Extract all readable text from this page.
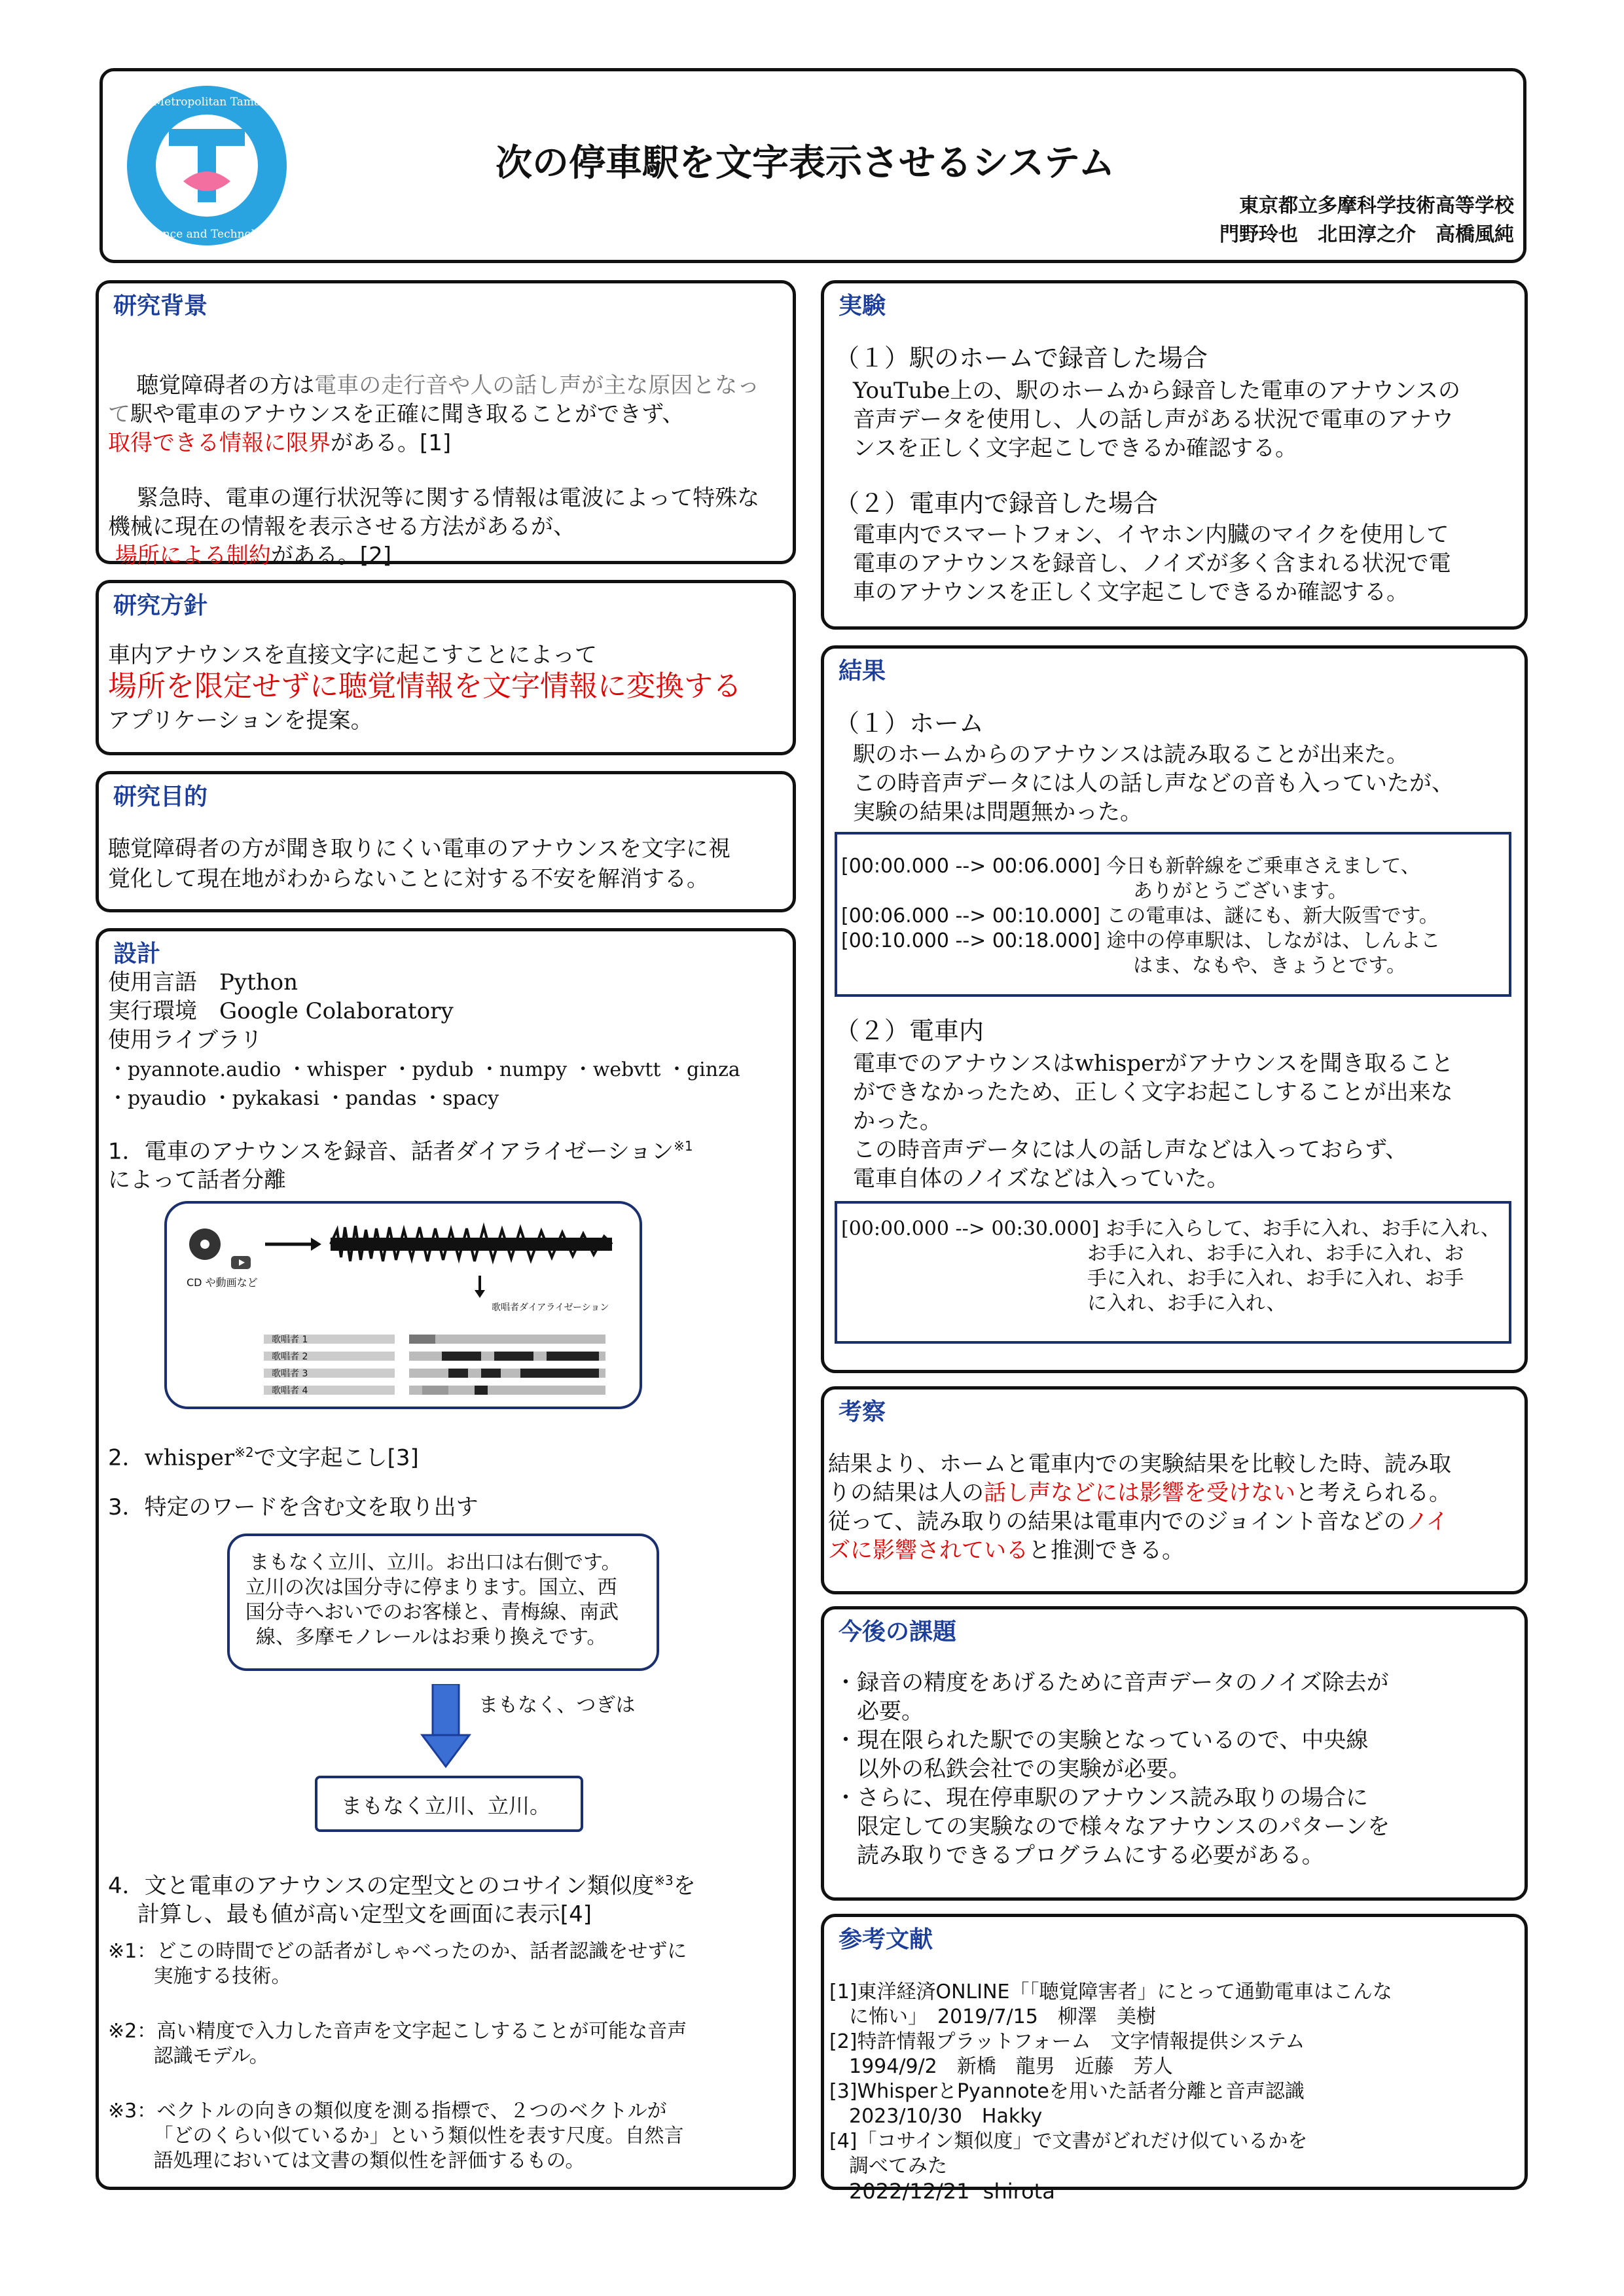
Metropolitan Tama
Science and Technology
次の停車駅を文字表示させるシステム
東京都立多摩科学技術高等学校
門野玲也　北田淳之介　高橋風純
研究背景

聴覚障碍者の方は電車の走行音や人の話し声が主な原因となっ
て駅や電車のアナウンスを正確に聞き取ることができず、
取得できる情報に限界がある。[1]

緊急時、電車の運行状況等に関する情報は電波によって特殊な
機械に現在の情報を表示させる方法があるが、
場所による制約がある。[2]

研究方針
車内アナウンスを直接文字に起こすことによって
場所を限定せずに聴覚情報を文字情報に変換する
アプリケーションを提案。
研究目的
聴覚障碍者の方が聞き取りにくい電車のアナウンスを文字に視
覚化して現在地がわからないことに対する不安を解消する。
設計
使用言語　 Python
実行環境　 Google Colaboratory
使用ライブラリ
・pyannote.audio ・whisper ・pydub ・numpy ・webvtt ・ginza
・pyaudio ・pykakasi ・pandas ・spacy
1．電車のアナウンスを録音、話者ダイアライゼーション$^{※1}$
によって話者分離
CD や動画など
歌唱者ダイアライゼーション
歌唱者 1
歌唱者 2
歌唱者 3
歌唱者 4
2．whisper$^{※2}$で文字起こし[3]
3．特定のワードを含む文を取り出す
まもなく立川、立川。お出口は右側です。
立川の次は国分寺に停まります。国立、西
国分寺へおいでのお客様と、青梅線、南武
線、多摩モノレールはお乗り換えです。
まもなく、つぎは
まもなく立川、立川。
4．文と電車のアナウンスの定型文とのコサイン類似度$^{※3}$を
　 計算し、最も値が高い定型文を画面に表示[4]
※1：どこの時間でどの話者がしゃべったのか、話者認識をせずに
　　 実施する技術。
※2：高い精度で入力した音声を文字起こしすることが可能な音声
　　 認識モデル。
※3：ベクトルの向きの類似度を測る指標で、２つのベクトルが
　　 「どのくらい似ているか」という類似性を表す尺度。自然言
　　 語処理においては文書の類似性を評価するもの。
実験
（１）駅のホームで録音した場合
YouTube上の、駅のホームから録音した電車のアナウンスの
音声データを使用し、人の話し声がある状況で電車のアナウ
ンスを正しく文字起こしできるか確認する。
（２）電車内で録音した場合
電車内でスマートフォン、イヤホン内臓のマイクを使用して
電車のアナウンスを録音し、ノイズが多く含まれる状況で電
車のアナウンスを正しく文字起こしできるか確認する。
結果
（１）ホーム
駅のホームからのアナウンスは読み取ることが出来た。
この時音声データには人の話し声などの音も入っていたが、
実験の結果は問題無かった。
[00:00.000 --> 00:06.000] 今日も新幹線をご乗車さえまして、
ありがとうございます。
[00:06.000 --> 00:10.000] この電車は、謎にも、新大阪雪です。
[00:10.000 --> 00:18.000] 途中の停車駅は、しながは、しんよこ
はま、なもや、きょうとです。
（２）電車内
電車でのアナウンスはwhisperがアナウンスを聞き取ること
ができなかったため、正しく文字お起こしすることが出来な
かった。
この時音声データには人の話し声などは入っておらず、
電車自体のノイズなどは入っていた。
[00:00.000 --> 00:30.000] お手に入らして、お手に入れ、お手に入れ、
お手に入れ、お手に入れ、お手に入れ、お
手に入れ、お手に入れ、お手に入れ、お手
に入れ、お手に入れ、
考察
結果より、ホームと電車内での実験結果を比較した時、読み取
りの結果は人の話し声などには影響を受けないと考えられる。
従って、読み取りの結果は電車内でのジョイント音などのノイ
ズに影響されていると推測できる。
今後の課題
・録音の精度をあげるために音声データのノイズ除去が
　必要。
・現在限られた駅での実験となっているので、中央線
　以外の私鉄会社での実験が必要。
・さらに、現在停車駅のアナウンス読み取りの場合に
　限定しての実験なので様々なアナウンスのパターンを
　読み取りできるプログラムにする必要がある。
参考文献
[1]東洋経済ONLINE「「聴覚障害者」にとって通勤電車はこんな
　に怖い」　2019/7/15　柳澤　美樹
[2]特許情報プラットフォーム　文字情報提供システム
　1994/9/2　新橋　龍男　近藤　芳人
[3]WhisperとPyannoteを用いた話者分離と音声認識
　2023/10/30　Hakky
[4]「コサイン類似度」で文書がどれだけ似ているかを
　調べてみた
　2022/12/21  shirota
